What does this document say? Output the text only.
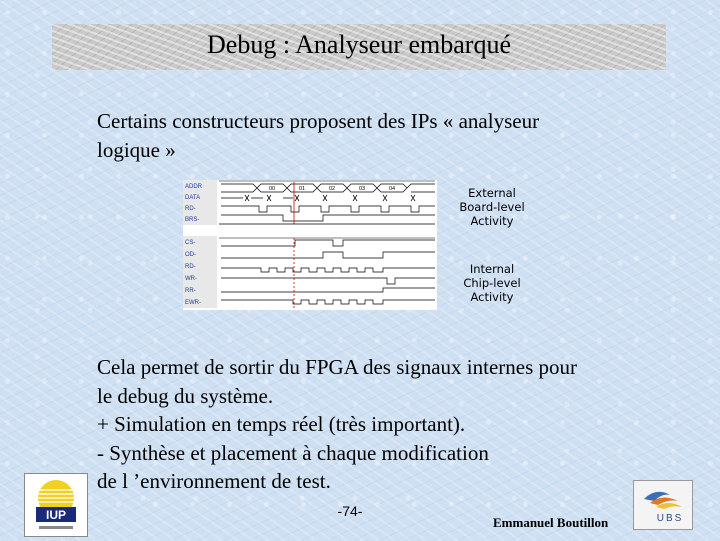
Debug : Analyseur embarqué
Certains constructeurs proposent des IPs « analyseur
logique »
ADDR
DATA
RD-
BRS-
00	01	02	03	04
CS-
OD-
RD-
WR-
RR-
EWR-
External
Board-level
Activity
Internal
Chip-level
Activity
Cela permet de sortir du FPGA des signaux internes pour
le debug du système.
+ Simulation en temps réel (très important).
- Synthèse et placement à chaque modification
de l ’environnement de test.
IUP	-74-
Emmanuel Boutillon	UBS
